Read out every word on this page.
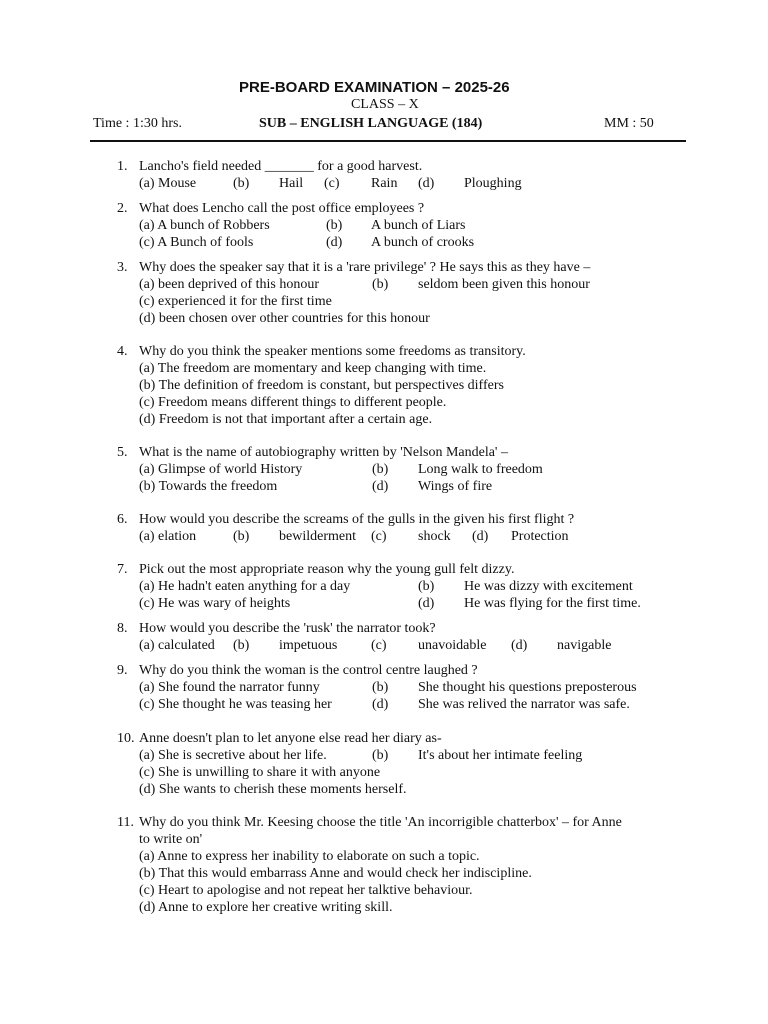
PRE-BOARD EXAMINATION – 2025-26
CLASS – X
Time : 1:30 hrs.	SUB – ENGLISH LANGUAGE (184)	MM : 50
1. Lancho's field needed _______ for a good harvest.
(a) Mouse	(b) Hail (c) Rain (d) Ploughing
2. What does Lencho call the post office employees ?
(a) A bunch of Robbers	(b) A bunch of Liars
(c) A Bunch of fools	(d) A bunch of crooks
3. Why does the speaker say that it is a 'rare privilege' ? He says this as they have –
(a) been deprived of this honour	(b) seldom been given this honour
(c) experienced it for the first time
(d) been chosen over other countries for this honour
4. Why do you think the speaker mentions some freedoms as transitory.
(a) The freedom are momentary and keep changing with time.
(b) The definition of freedom is constant, but perspectives differs
(c) Freedom means different things to different people.
(d) Freedom is not that important after a certain age.
5. What is the name of autobiography written by 'Nelson Mandela' –
(a) Glimpse of world History	(b) Long walk to freedom
(b) Towards the freedom	(d) Wings of fire
6. How would you describe the screams of the gulls in the given his first flight ?
(a) elation	(b) bewilderment (c) shock (d) Protection
7. Pick out the most appropriate reason why the young gull felt dizzy.
(a) He hadn't eaten anything for a day	(b) He was dizzy with excitement
(c) He was wary of heights	(d) He was flying for the first time.
8. How would you describe the 'rusk' the narrator took?
(a) calculated (b) impetuous (c) unavoidable (d) navigable
9. Why do you think the woman is the control centre laughed ?
(a) She found the narrator funny	(b) She thought his questions preposterous
(c) She thought he was teasing her	(d) She was relived the narrator was safe.
10. Anne doesn't plan to let anyone else read her diary as-
(a) She is secretive about her life.	(b) It's about her intimate feeling
(c) She is unwilling to share it with anyone
(d) She wants to cherish these moments herself.
11. Why do you think Mr. Keesing choose the title 'An incorrigible chatterbox' – for Anne
to write on'
(a) Anne to express her inability to elaborate on such a topic.
(b) That this would embarrass Anne and would check her indiscipline.
(c) Heart to apologise and not repeat her talktive behaviour.
(d) Anne to explore her creative writing skill.
